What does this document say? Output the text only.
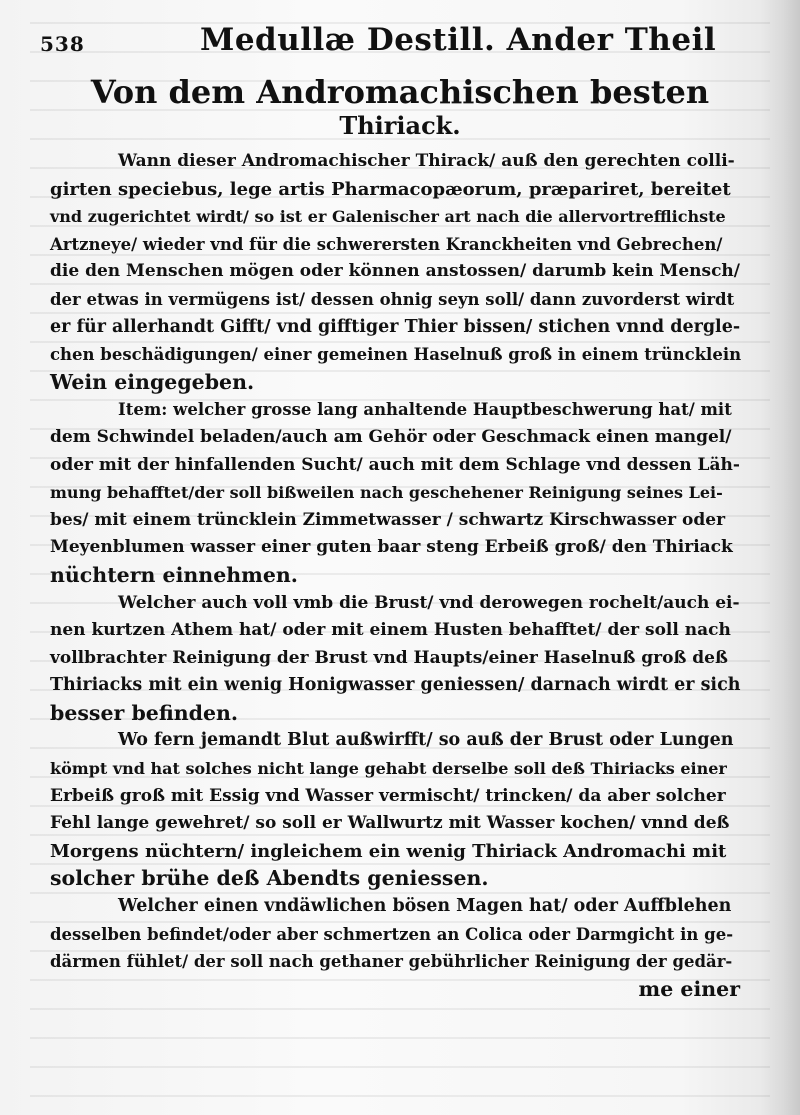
538	Medullæ Destill. Ander Theil
Von dem Andromachischen besten
Thiriack.
Wann dieser Andromachischer Thirack/ auß den gerechten colli-
girten speciebus, lege artis Pharmacopæorum, præpariret, bereitet
vnd zugerichtet wirdt/ so ist er Galenischer art nach die allervortrefflichste
Artzneye/ wieder vnd für die schwerersten Kranckheiten vnd Gebrechen/
die den Menschen mögen oder können anstossen/ darumb kein Mensch/
der etwas in vermügens ist/ dessen ohnig seyn soll/ dann zuvorderst wirdt
er für allerhandt Gifft/ vnd gifftiger Thier bissen/ stichen vnnd dergle-
chen beschädigungen/ einer gemeinen Haselnuß groß in einem trüncklein
Wein eingegeben.
Item: welcher grosse lang anhaltende Hauptbeschwerung hat/ mit
dem Schwindel beladen/auch am Gehör oder Geschmack einen mangel/
oder mit der hinfallenden Sucht/ auch mit dem Schlage vnd dessen Läh-
mung behafftet/der soll bißweilen nach geschehener Reinigung seines Lei-
bes/ mit einem trüncklein Zimmetwasser / schwartz Kirschwasser oder
Meyenblumen wasser einer guten baar steng Erbeiß groß/ den Thiriack
nüchtern einnehmen.
Welcher auch voll vmb die Brust/ vnd derowegen rochelt/auch ei-
nen kurtzen Athem hat/ oder mit einem Husten behafftet/ der soll nach
vollbrachter Reinigung der Brust vnd Haupts/einer Haselnuß groß deß
Thiriacks mit ein wenig Honigwasser geniessen/ darnach wirdt er sich
besser befinden.
Wo fern jemandt Blut außwirfft/ so auß der Brust oder Lungen
kömpt vnd hat solches nicht lange gehabt derselbe soll deß Thiriacks einer
Erbeiß groß mit Essig vnd Wasser vermischt/ trincken/ da aber solcher
Fehl lange gewehret/ so soll er Wallwurtz mit Wasser kochen/ vnnd deß
Morgens nüchtern/ ingleichem ein wenig Thiriack Andromachi mit
solcher brühe deß Abendts geniessen.
Welcher einen vndäwlichen bösen Magen hat/ oder Auffblehen
desselben befindet/oder aber schmertzen an Colica oder Darmgicht in ge-
därmen fühlet/ der soll nach gethaner gebührlicher Reinigung der gedär-
me einer
